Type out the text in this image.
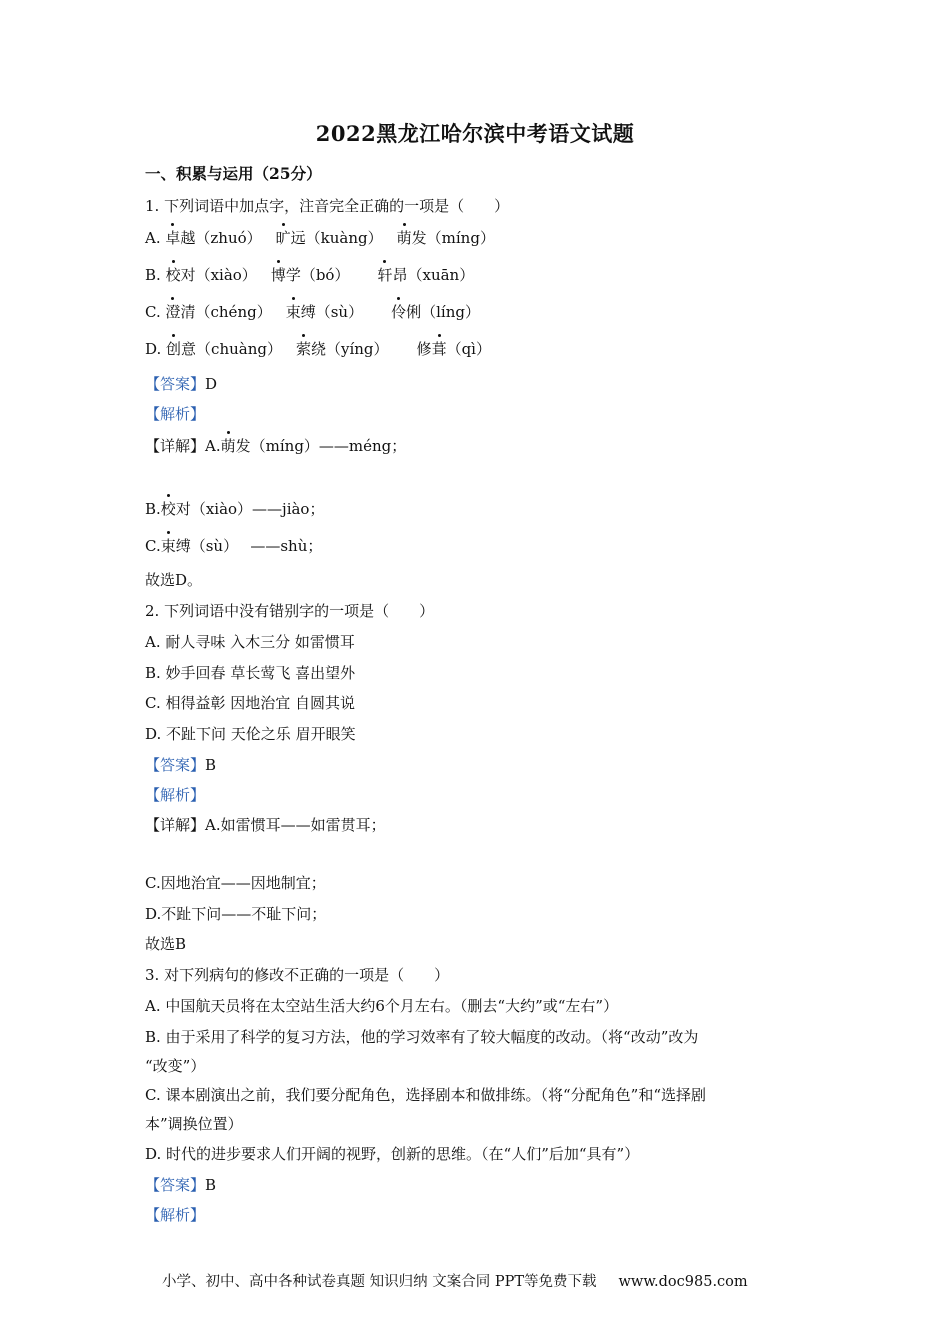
2022黑龙江哈尔滨中考语文试题
一、积累与运用（25分）
1. 下列词语中加点字，注音完全正确的一项是（　　）
A. 卓越（zhuó） 旷远（kuàng） 萌发（míng）
B. 校对（xiào） 博学（bó） 轩昂（xuān）
C. 澄清（chéng） 束缚（sù） 伶俐（líng）
D. 创意（chuàng） 萦绕（yíng） 修葺（qì）
【答案】D
【解析】
【详解】A.萌发（míng）——méng；
B.校对（xiào）——jiào；
C.束缚（sù）　 ——shù；
故选D。
2. 下列词语中没有错别字的一项是（　　）
A. 耐人寻味 入木三分 如雷惯耳
B. 妙手回春 草长莺飞 喜出望外
C. 相得益彰 因地治宜 自圆其说
D. 不趾下问 天伦之乐 眉开眼笑
【答案】B
【解析】
【详解】A.如雷惯耳——如雷贯耳；
C.因地治宜——因地制宜；
D.不趾下问——不耻下问；
故选B
3. 对下列病句的修改不正确的一项是（　　）
A. 中国航天员将在太空站生活大约6个月左右。（删去“大约”或“左右”）
B. 由于采用了科学的复习方法，他的学习效率有了较大幅度的改动。（将“改动”改为
“改变”）
C. 课本剧演出之前，我们要分配角色，选择剧本和做排练。（将“分配角色”和“选择剧
本”调换位置）
D. 时代的进步要求人们开阔的视野，创新的思维。（在“人们”后加“具有”）
【答案】B
【解析】
小学、初中、高中各种试卷真题 知识归纳 文案合同 PPT等免费下载 www.doc985.com
